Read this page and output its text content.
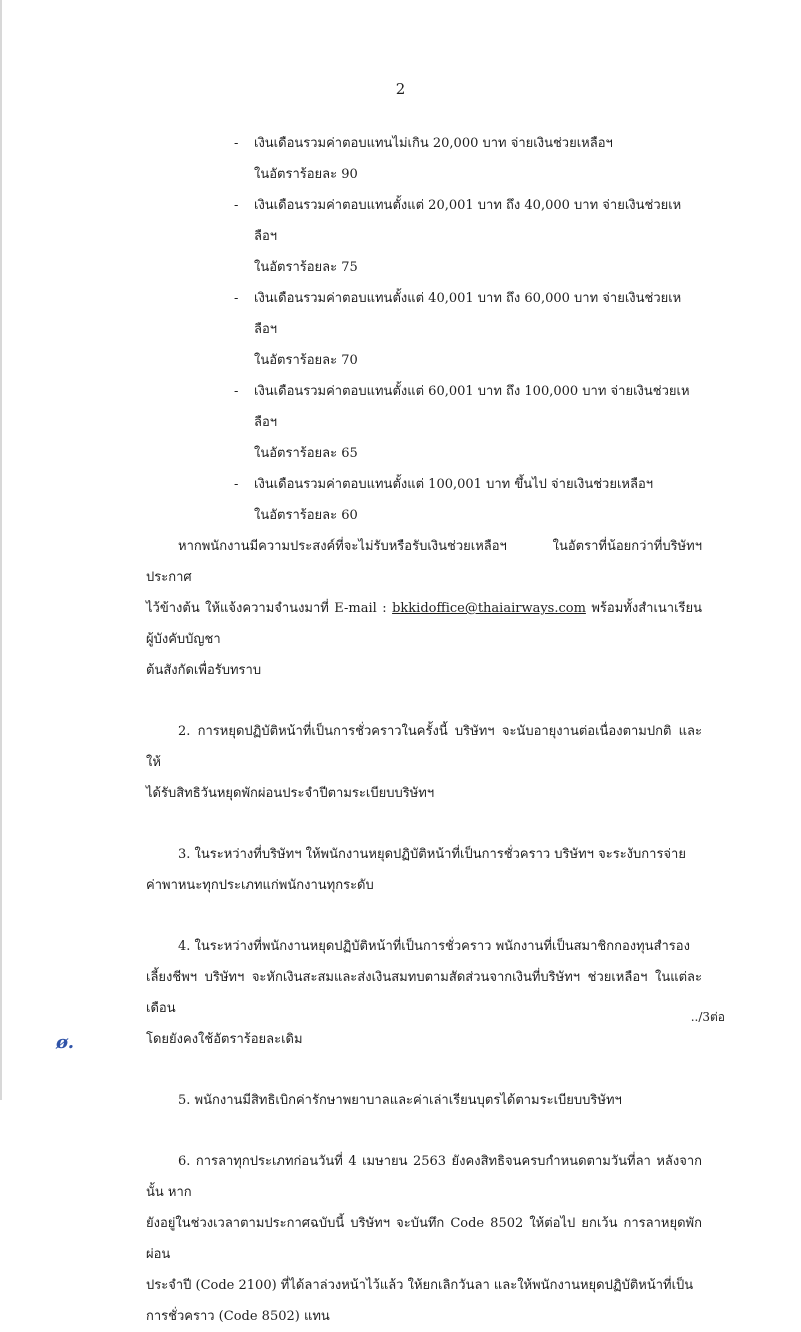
2
- เงินเดือนรวมค่าตอบแทนไม่เกิน 20,000 บาท จ่ายเงินช่วยเหลือฯ

ในอัตราร้อยละ 90

- เงินเดือนรวมค่าตอบแทนตั้งแต่ 20,001 บาท ถึง 40,000 บาท จ่ายเงินช่วยเหลือฯ

ในอัตราร้อยละ 75

- เงินเดือนรวมค่าตอบแทนตั้งแต่ 40,001 บาท ถึง 60,000 บาท จ่ายเงินช่วยเหลือฯ

ในอัตราร้อยละ 70

- เงินเดือนรวมค่าตอบแทนตั้งแต่ 60,001 บาท ถึง 100,000 บาท จ่ายเงินช่วยเหลือฯ

ในอัตราร้อยละ 65

- เงินเดือนรวมค่าตอบแทนตั้งแต่ 100,001 บาท ขึ้นไป จ่ายเงินช่วยเหลือฯ

ในอัตราร้อยละ 60

หากพนักงานมีความประสงค์ที่จะไม่รับหรือรับเงินช่วยเหลือฯ ในอัตราที่น้อยกว่าที่บริษัทฯ ประกาศ

ไว้ข้างต้น ให้แจ้งความจำนงมาที่ E-mail : bkkidoffice@thaiairways.com พร้อมทั้งสำเนาเรียนผู้บังคับบัญชา

ต้นสังกัดเพื่อรับทราบ

2. การหยุดปฏิบัติหน้าที่เป็นการชั่วคราวในครั้งนี้ บริษัทฯ จะนับอายุงานต่อเนื่องตามปกติ และให้

ได้รับสิทธิวันหยุดพักผ่อนประจำปีตามระเบียบบริษัทฯ

3. ในระหว่างที่บริษัทฯ ให้พนักงานหยุดปฏิบัติหน้าที่เป็นการชั่วคราว บริษัทฯ จะระงับการจ่าย

ค่าพาหนะทุกประเภทแก่พนักงานทุกระดับ

4. ในระหว่างที่พนักงานหยุดปฏิบัติหน้าที่เป็นการชั่วคราว พนักงานที่เป็นสมาชิกกองทุนสำรอง

เลี้ยงชีพฯ บริษัทฯ จะหักเงินสะสมและส่งเงินสมทบตามสัดส่วนจากเงินที่บริษัทฯ ช่วยเหลือฯ ในแต่ละเดือน

โดยยังคงใช้อัตราร้อยละเดิม

5. พนักงานมีสิทธิเบิกค่ารักษาพยาบาลและค่าเล่าเรียนบุตรได้ตามระเบียบบริษัทฯ

6. การลาทุกประเภทก่อนวันที่ 4 เมษายน 2563 ยังคงสิทธิจนครบกำหนดตามวันที่ลา หลังจากนั้น หาก

ยังอยู่ในช่วงเวลาตามประกาศฉบับนี้ บริษัทฯ จะบันทึก Code 8502 ให้ต่อไป ยกเว้น การลาหยุดพักผ่อน

ประจำปี (Code 2100) ที่ได้ลาล่วงหน้าไว้แล้ว ให้ยกเลิกวันลา และให้พนักงานหยุดปฏิบัติหน้าที่เป็น

การชั่วคราว (Code 8502) แทน

../3ต่อ
ø.
